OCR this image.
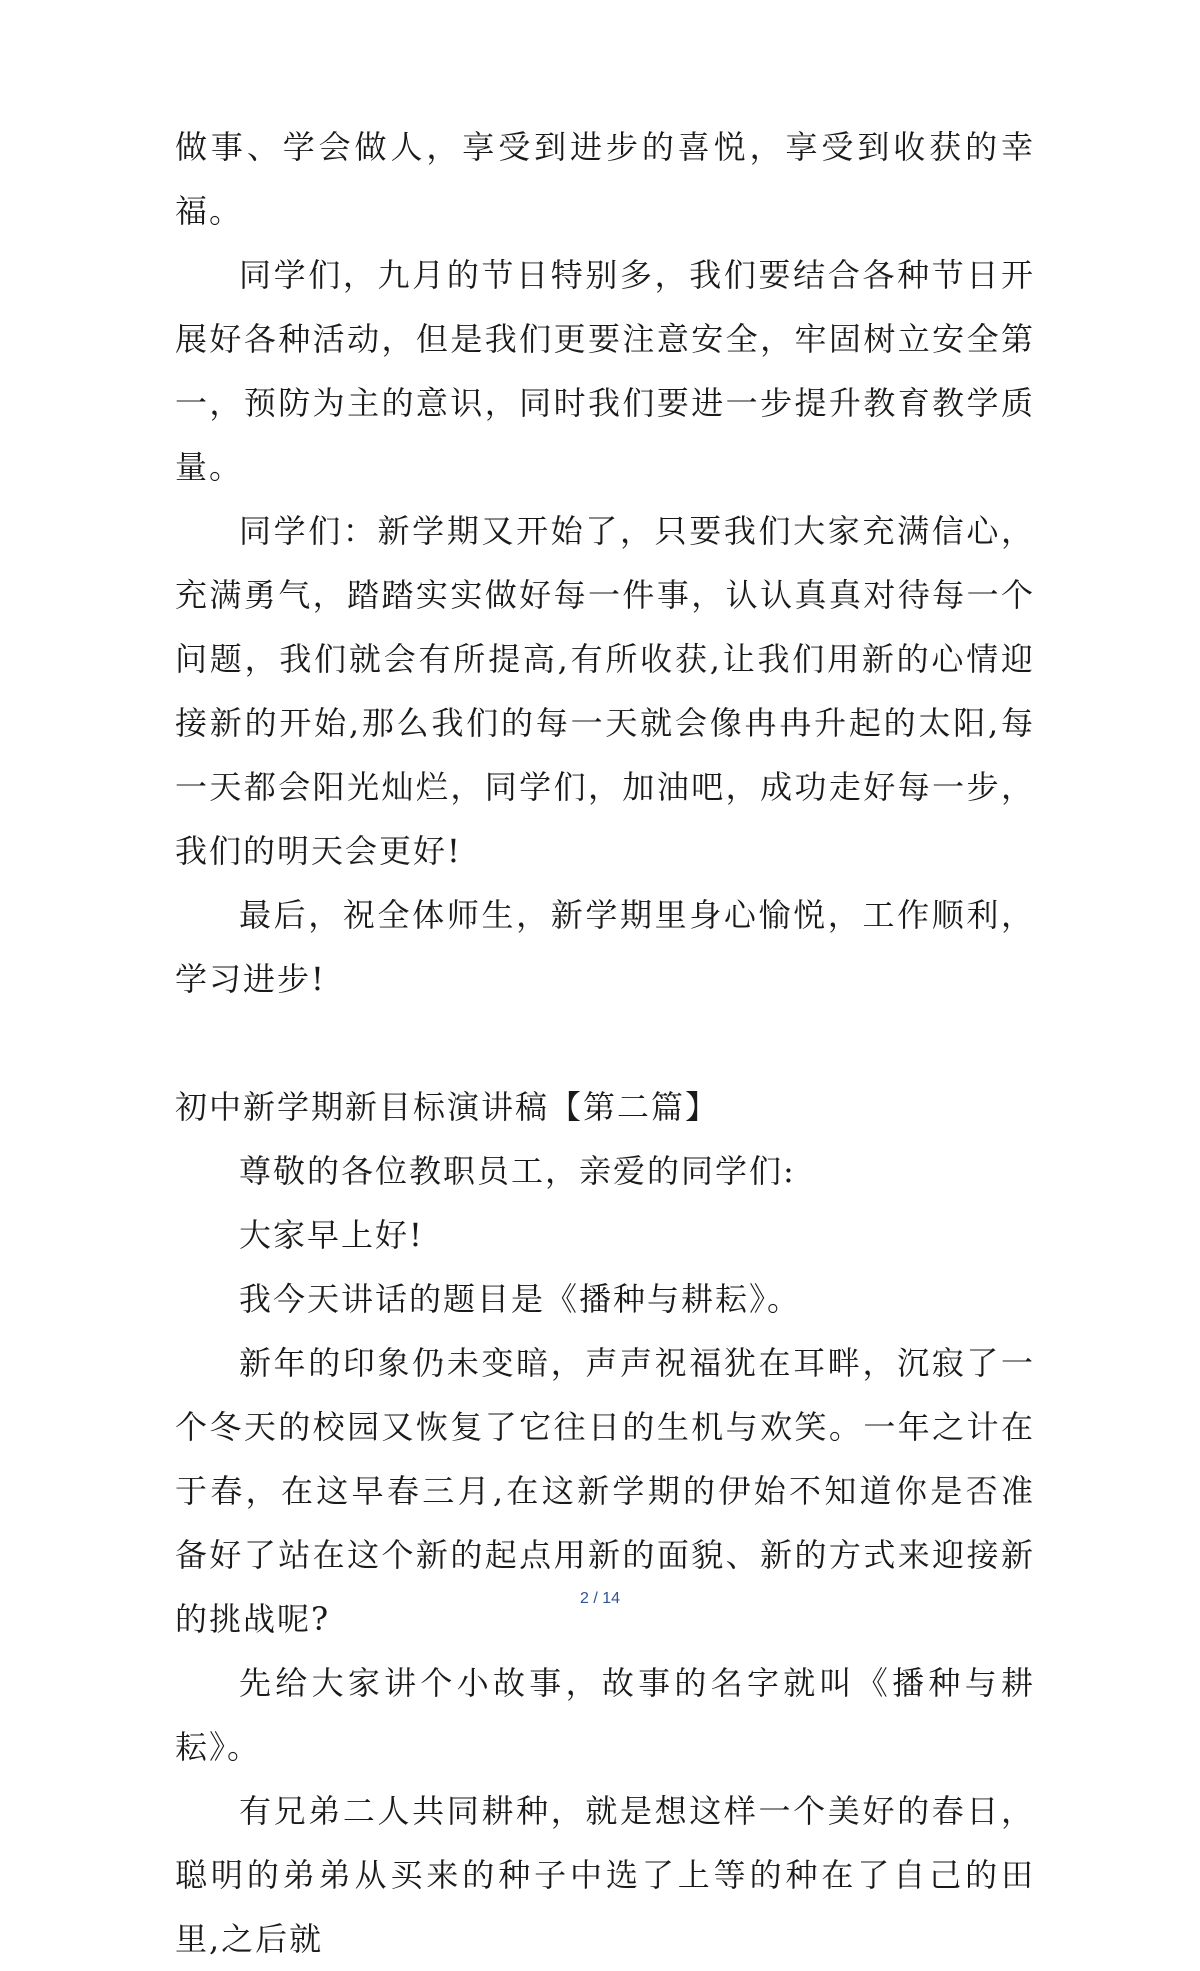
做事、学会做人，享受到进步的喜悦，享受到收获的幸福。

同学们，九月的节日特别多，我们要结合各种节日开展好各种活动，但是我们更要注意安全，牢固树立安全第一，预防为主的意识，同时我们要进一步提升教育教学质量。

同学们：新学期又开始了，只要我们大家充满信心，充满勇气，踏踏实实做好每一件事，认认真真对待每一个问题，我们就会有所提高,有所收获,让我们用新的心情迎接新的开始,那么我们的每一天就会像冉冉升起的太阳,每一天都会阳光灿烂，同学们，加油吧，成功走好每一步，我们的明天会更好!

最后，祝全体师生，新学期里身心愉悦，工作顺利，学习进步!

初中新学期新目标演讲稿【第二篇】

尊敬的各位教职员工，亲爱的同学们:

大家早上好!

我今天讲话的题目是《播种与耕耘》。

新年的印象仍未变暗，声声祝福犹在耳畔，沉寂了一个冬天的校园又恢复了它往日的生机与欢笑。一年之计在于春，在这早春三月,在这新学期的伊始不知道你是否准备好了站在这个新的起点用新的面貌、新的方式来迎接新的挑战呢?

先给大家讲个小故事，故事的名字就叫《播种与耕耘》。

有兄弟二人共同耕种，就是想这样一个美好的春日，聪明的弟弟从买来的种子中选了上等的种在了自己的田里,之后就

2 / 14
